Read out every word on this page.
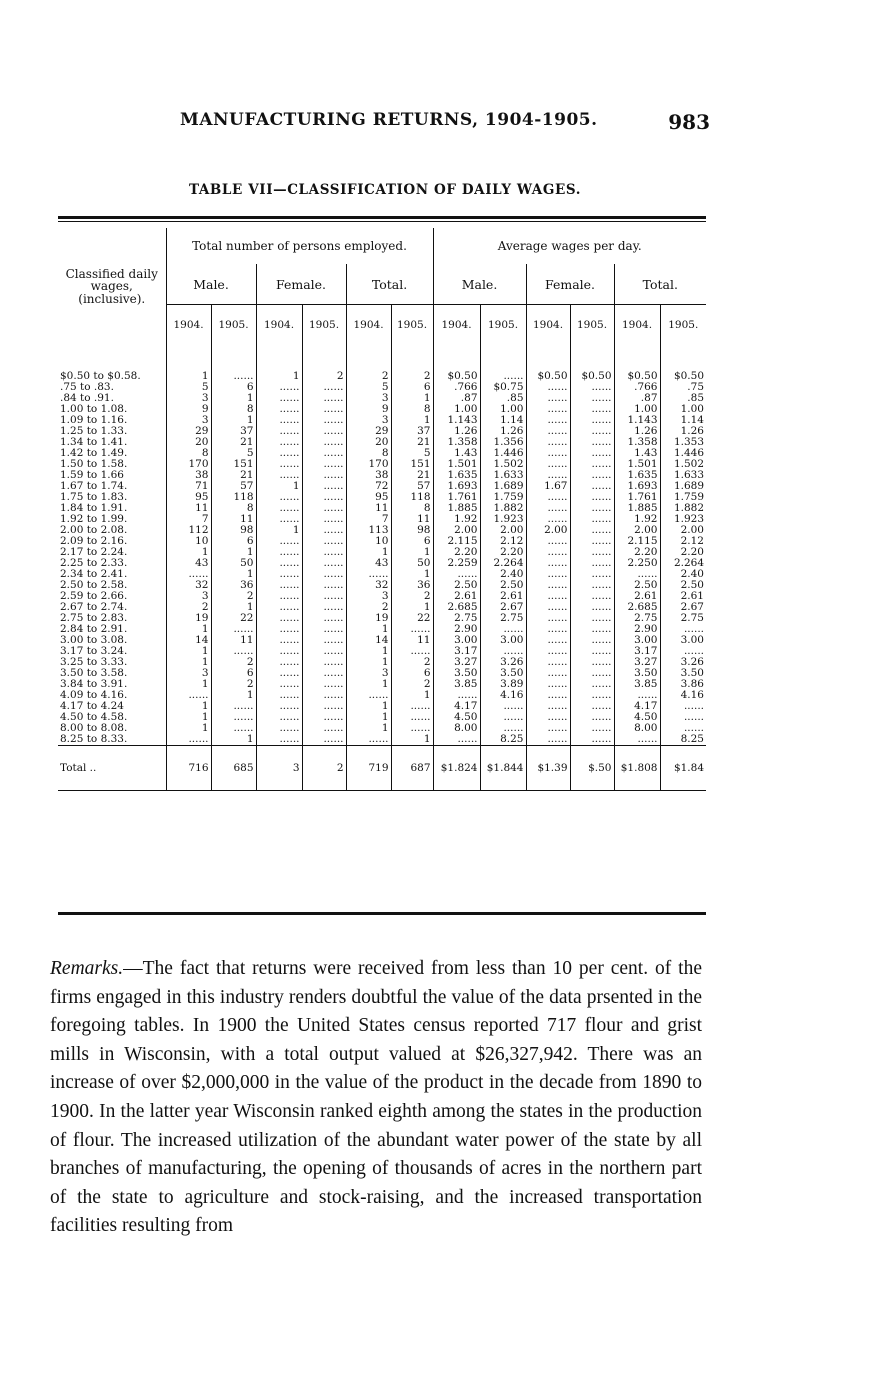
MANUFACTURING RETURNS, 1904-1905.	983
TABLE VII—CLASSIFICATION OF DAILY WAGES.
Classified daily wages, (inclusive).	Total number of persons employed.						Average wages per day.					
	Male.		Female.		Total.		Male.		Female.		Total.	
	1904.	1905.	1904.	1905.	1904.	1905.	1904.	1905.	1904.	1905.	1904.	1905.

$0.50 to $0.58.	1	......	1	2	2	2	$0.50	......	$0.50	$0.50	$0.50	$0.50
.75 to .83.	5	6	......	......	5	6	.766	$0.75	......	......	.766	.75
.84 to .91.	3	1	......	......	3	1	.87	.85	......	......	.87	.85
1.00 to 1.08.	9	8	......	......	9	8	1.00	1.00	......	......	1.00	1.00
1.09 to 1.16.	3	1	......	......	3	1	1.143	1.14	......	......	1.143	1.14
1.25 to 1.33.	29	37	......	......	29	37	1.26	1.26	......	......	1.26	1.26
1.34 to 1.41.	20	21	......	......	20	21	1.358	1.356	......	......	1.358	1.353
1.42 to 1.49.	8	5	......	......	8	5	1.43	1.446	......	......	1.43	1.446
1.50 to 1.58.	170	151	......	......	170	151	1.501	1.502	......	......	1.501	1.502
1.59 to 1.66	38	21	......	......	38	21	1.635	1.633	......	......	1.635	1.633
1.67 to 1.74.	71	57	1	......	72	57	1.693	1.689	1.67	......	1.693	1.689
1.75 to 1.83.	95	118	......	......	95	118	1.761	1.759	......	......	1.761	1.759
1.84 to 1.91.	11	8	......	......	11	8	1.885	1.882	......	......	1.885	1.882
1.92 to 1.99.	7	11	......	......	7	11	1.92	1.923	......	......	1.92	1.923
2.00 to 2.08.	112	98	1	......	113	98	2.00	2.00	2.00	......	2.00	2.00
2.09 to 2.16.	10	6	......	......	10	6	2.115	2.12	......	......	2.115	2.12
2.17 to 2.24.	1	1	......	......	1	1	2.20	2.20	......	......	2.20	2.20
2.25 to 2.33.	43	50	......	......	43	50	2.259	2.264	......	......	2.250	2.264
2.34 to 2.41.	......	1	......	......	......	1	......	2.40	......	......	......	2.40
2.50 to 2.58.	32	36	......	......	32	36	2.50	2.50	......	......	2.50	2.50
2.59 to 2.66.	3	2	......	......	3	2	2.61	2.61	......	......	2.61	2.61
2.67 to 2.74.	2	1	......	......	2	1	2.685	2.67	......	......	2.685	2.67
2.75 to 2.83.	19	22	......	......	19	22	2.75	2.75	......	......	2.75	2.75
2.84 to 2.91.	1	......	......	......	1	......	2.90	......	......	......	2.90	......
3.00 to 3.08.	14	11	......	......	14	11	3.00	3.00	......	......	3.00	3.00
3.17 to 3.24.	1	......	......	......	1	......	3.17	......	......	......	3.17	......
3.25 to 3.33.	1	2	......	......	1	2	3.27	3.26	......	......	3.27	3.26
3.50 to 3.58.	3	6	......	......	3	6	3.50	3.50	......	......	3.50	3.50
3.84 to 3.91.	1	2	......	......	1	2	3.85	3.89	......	......	3.85	3.86
4.09 to 4.16.	......	1	......	......	......	1	......	4.16	......	......	......	4.16
4.17 to 4.24	1	......	......	......	1	......	4.17	......	......	......	4.17	......
4.50 to 4.58.	1	......	......	......	1	......	4.50	......	......	......	4.50	......
8.00 to 8.08.	1	......	......	......	1	......	8.00	......	......	......	8.00	......
8.25 to 8.33.	......	1	......	......	......	1	......	8.25	......	......	......	8.25
Total ..	716	685	3	2	719	687	$1.824	$1.844	$1.39	$.50	$1.808	$1.84
Remarks.—The fact that returns were received from less than 10 per cent. of the firms engaged in this industry renders doubtful the value of the data prsented in the foregoing tables. In 1900 the United States census reported 717 flour and grist mills in Wisconsin, with a total output valued at $26,327,942. There was an increase of over $2,000,000 in the value of the product in the decade from 1890 to 1900. In the latter year Wisconsin ranked eighth among the states in the production of flour. The increased utilization of the abundant water power of the state by all branches of manufacturing, the opening of thousands of acres in the northern part of the state to agriculture and stock-raising, and the increased transportation facilities resulting from
